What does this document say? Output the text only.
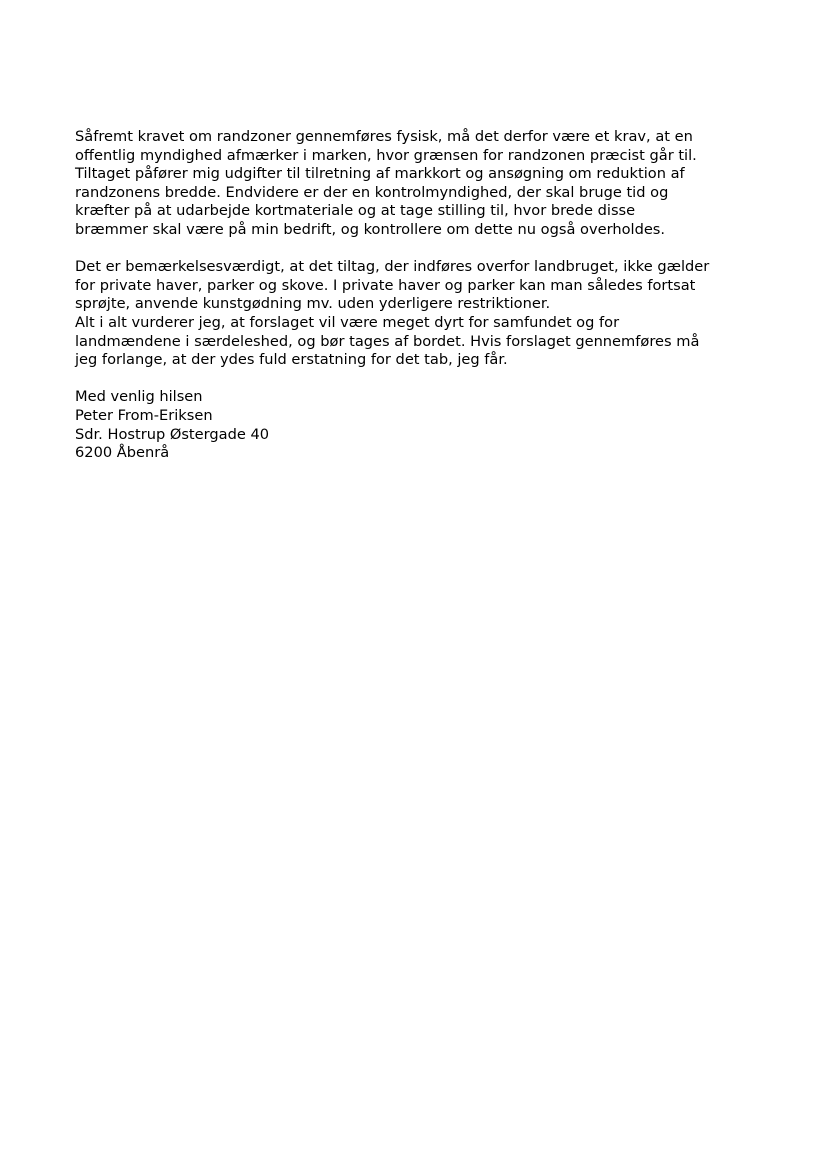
Såfremt kravet om randzoner gennemføres fysisk, må det derfor være et krav, at en
offentlig myndighed afmærker i marken, hvor grænsen for randzonen præcist går til.
Tiltaget påfører mig udgifter til tilretning af markkort og ansøgning om reduktion af
randzonens bredde. Endvidere er der en kontrolmyndighed, der skal bruge tid og
kræfter på at udarbejde kortmateriale og at tage stilling til, hvor brede disse
bræmmer skal være på min bedrift, og kontrollere om dette nu også overholdes.

Det er bemærkelsesværdigt, at det tiltag, der indføres overfor landbruget, ikke gælder
for private haver, parker og skove. I private haver og parker kan man således fortsat
sprøjte, anvende kunstgødning mv. uden yderligere restriktioner.
Alt i alt vurderer jeg, at forslaget vil være meget dyrt for samfundet og for
landmændene i særdeleshed, og bør tages af bordet. Hvis forslaget gennemføres må
jeg forlange, at der ydes fuld erstatning for det tab, jeg får.

Med venlig hilsen
Peter From-Eriksen
Sdr. Hostrup Østergade 40
6200 Åbenrå
